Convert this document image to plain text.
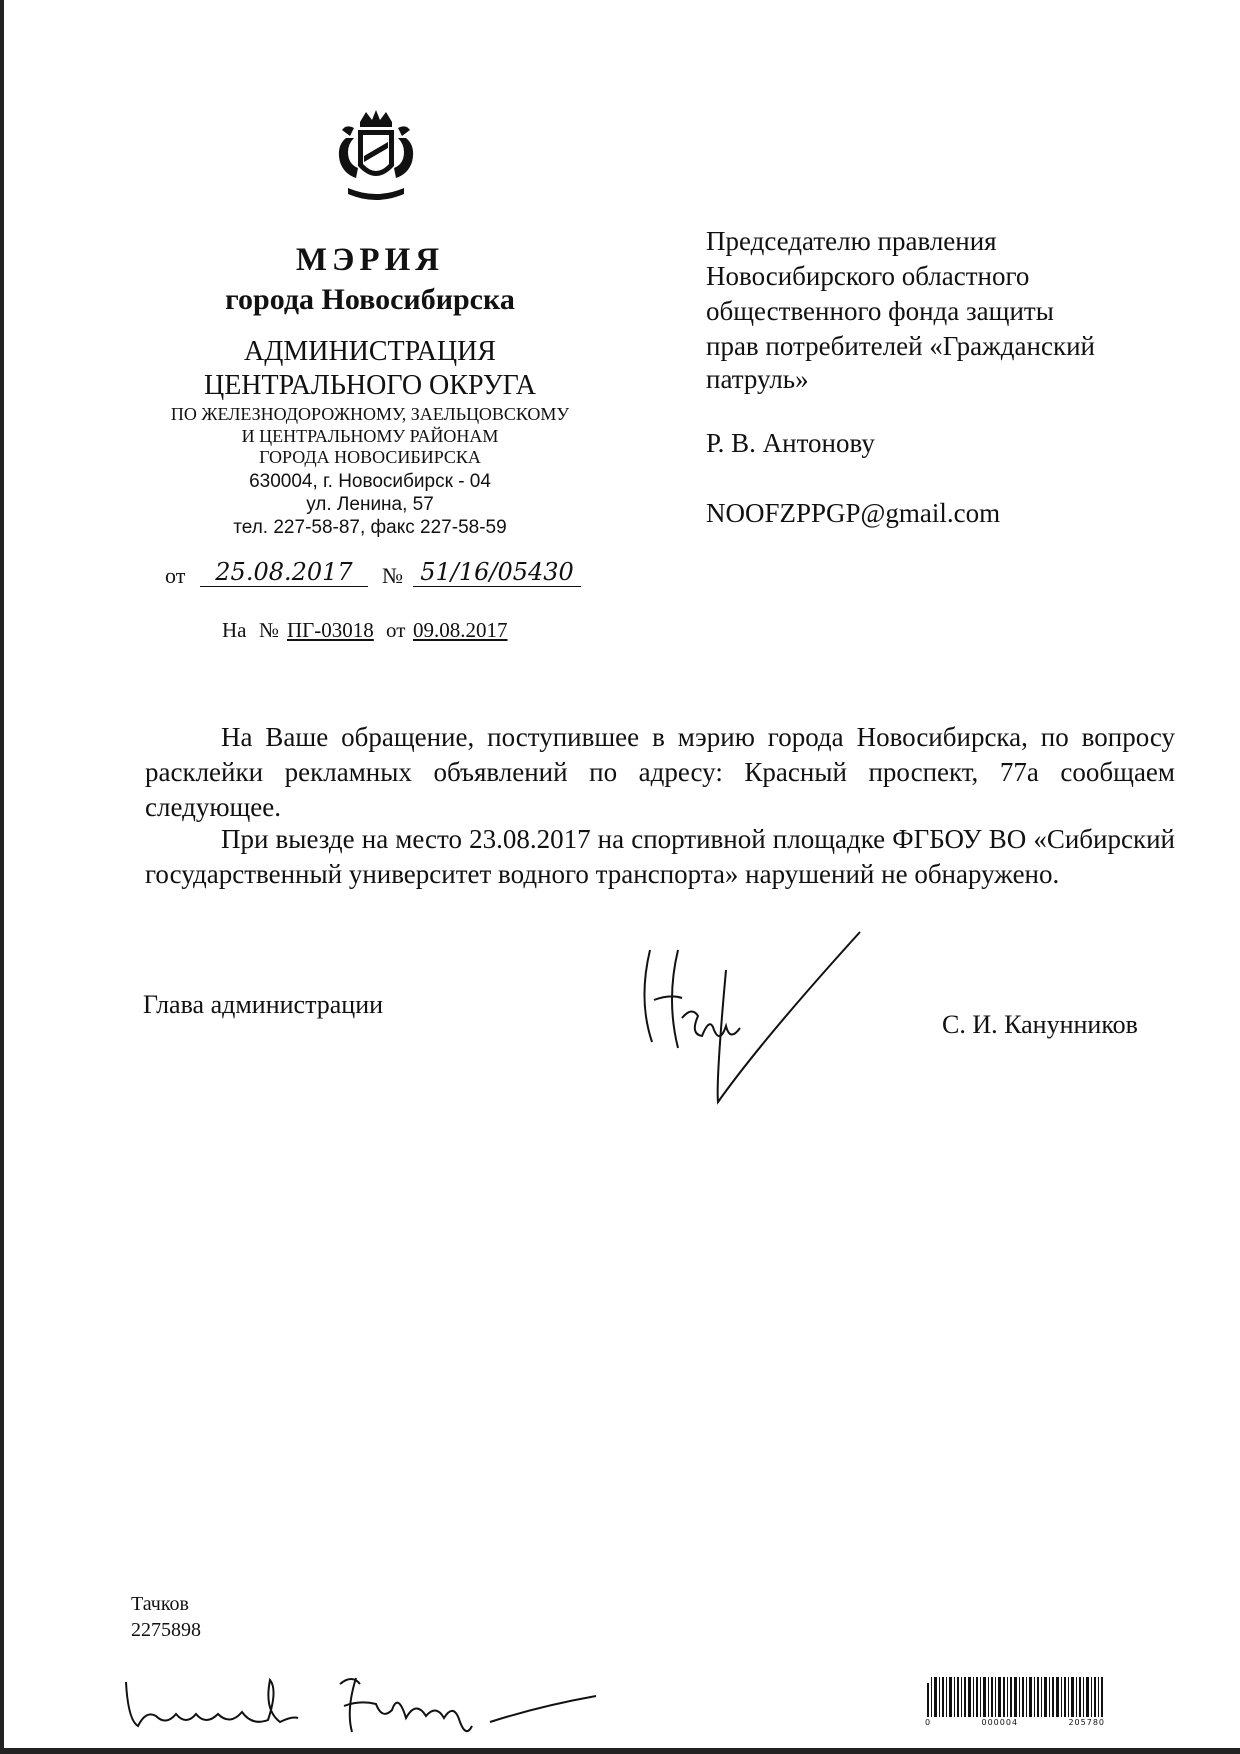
МЭРИЯ
города Новосибирска
АДМИНИСТРАЦИЯ
ЦЕНТРАЛЬНОГО ОКРУГА
ПО ЖЕЛЕЗНОДОРОЖНОМУ, ЗАЕЛЬЦОВСКОМУ
И ЦЕНТРАЛЬНОМУ РАЙОНАМ
ГОРОДА НОВОСИБИРСКА
630004, г. Новосибирск - 04
ул. Ленина, 57
тел. 227-58-87, факс 227-58-59
от	25.08.2017	№ 51/16/05430
На № ПГ-03018 от 09.08.2017
Председателю правления
Новосибирского областного
общественного фонда защиты
прав потребителей «Гражданский
патруль»
Р. В. Антонову
NOOFZPPGP@gmail.com
На Ваше обращение, поступившее в мэрию города Новосибирска, по вопросу расклейки рекламных объявлений по адресу: Красный проспект, 77а сообщаем следующее.
При выезде на место 23.08.2017 на спортивной площадке ФГБОУ ВО «Сибирский государственный университет водного транспорта» нарушений не обнаружено.
Глава администрации
С. И. Канунников
Тачков
2275898
0	000004	205780
